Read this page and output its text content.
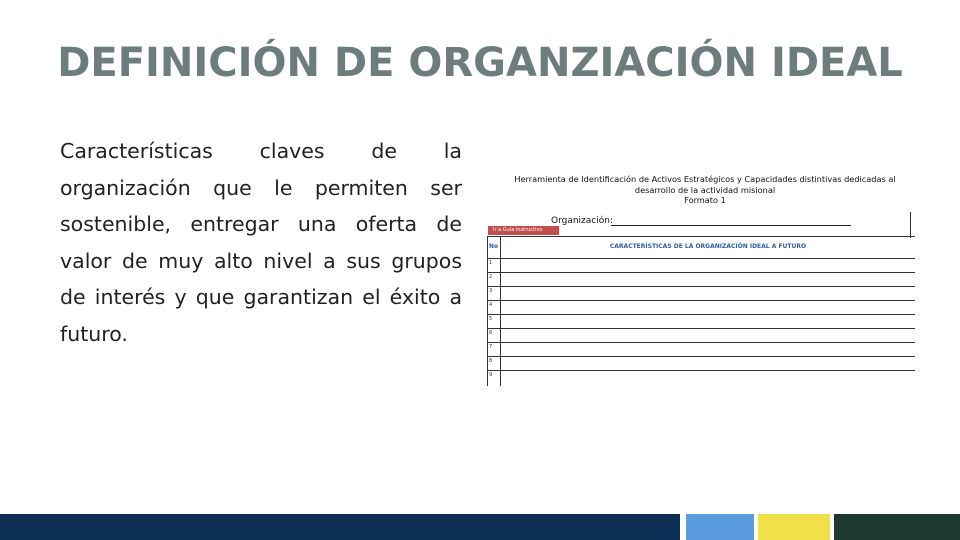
DEFINICIÓN DE ORGANZIACIÓN IDEAL
Características claves de la organización que le permiten ser sostenible, entregar una oferta de valor de muy alto nivel a sus grupos de interés y que garantizan el éxito a futuro.
Herramienta de Identificación de Activos Estratégicos y Capacidades distintivas dedicadas al
desarrollo de la actividad misional
Formato 1
Organización:
Ir a Guía Instructivo
No	CARACTERÍSTICAS DE LA ORGANIZACIÓN IDEAL A FUTURO
1
2
3
4
5
6
7
8
9
